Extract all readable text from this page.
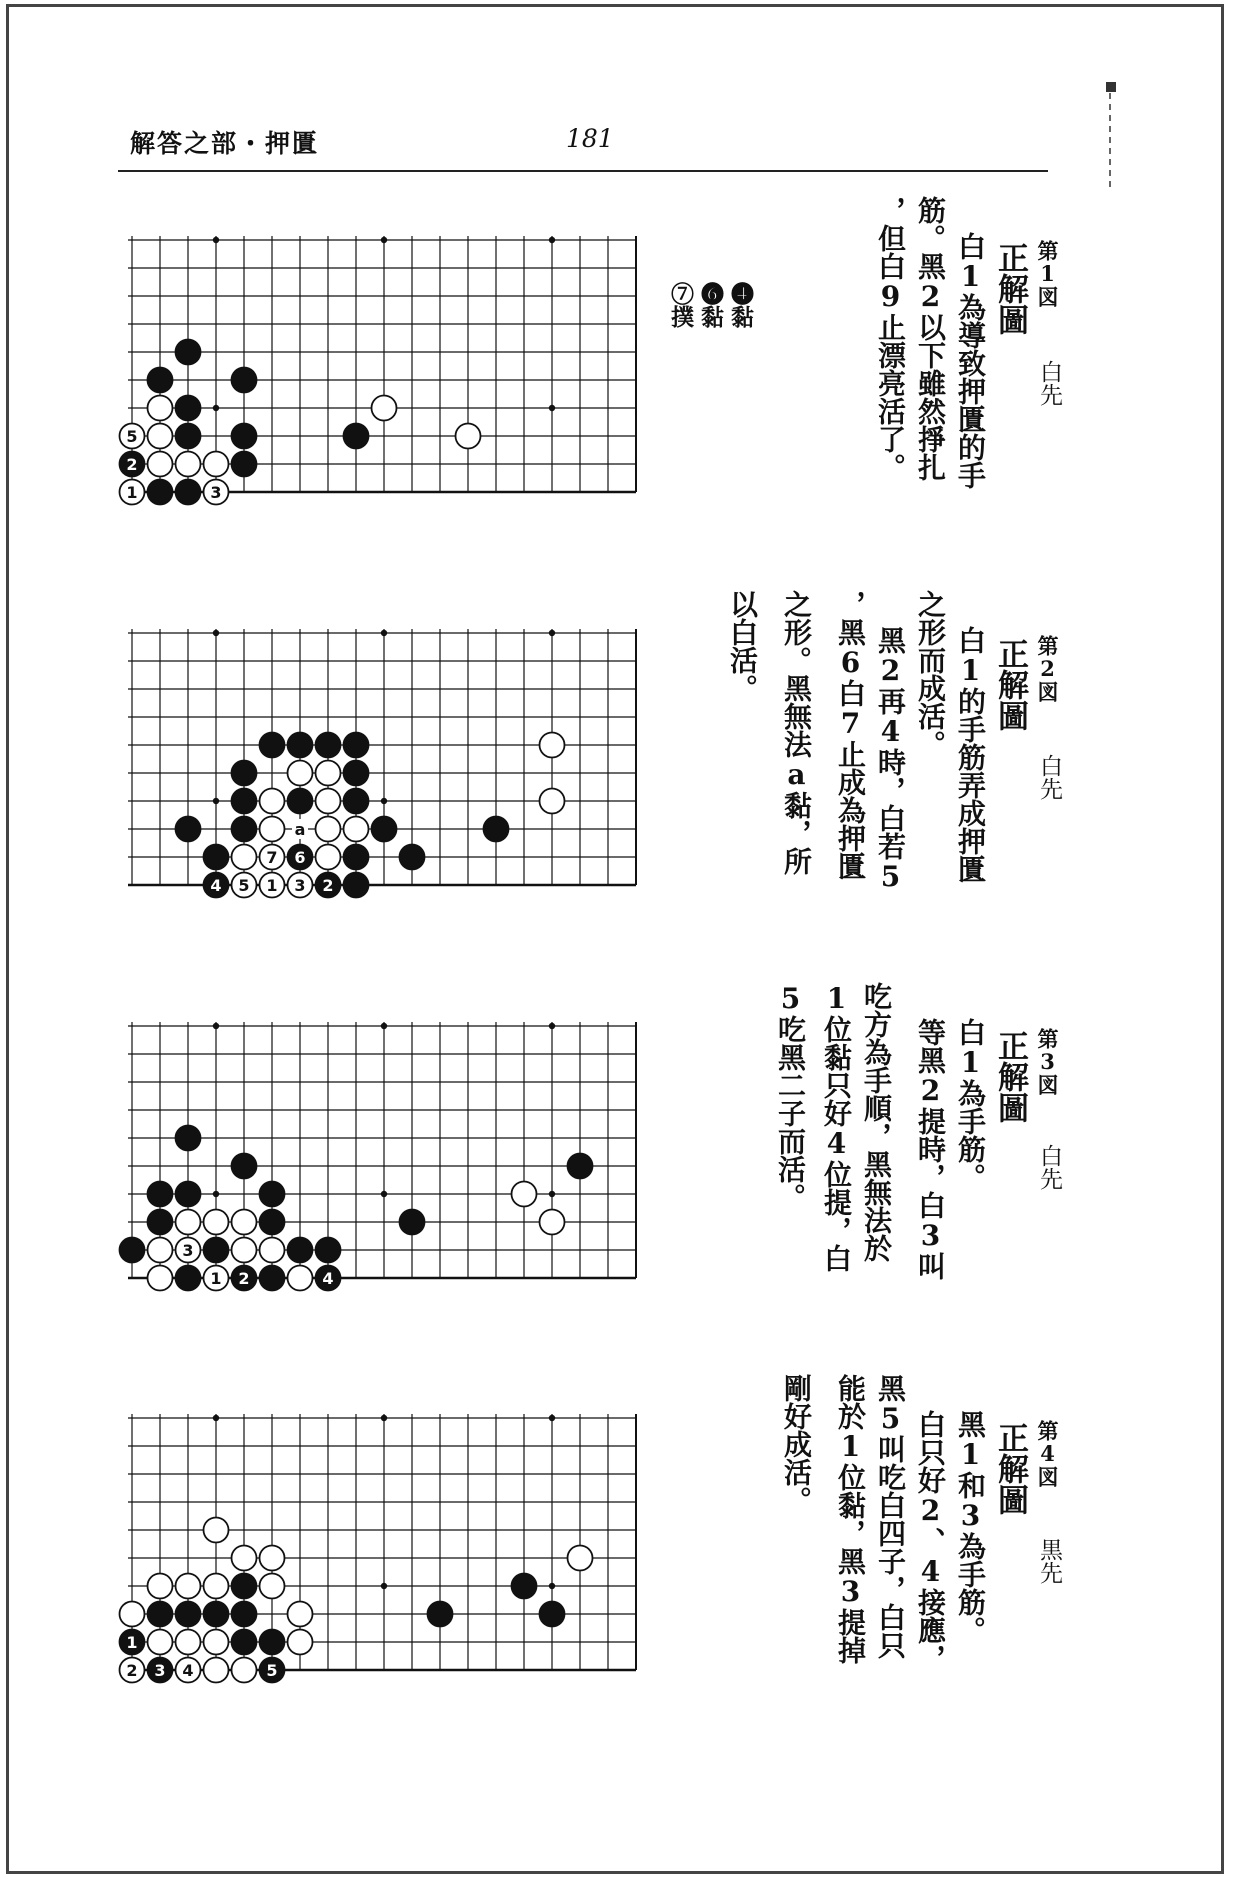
解答之部・押匱	181
5
2
1	3
第1図
白先
正解圖
白1為導致押匱的手
筋。黑2以下雖然掙扎
，但白9止漂亮活了。
❹黏
❻黏
⑦撲
a
7 6
4 5 1 3 2
第2図
白先
正解圖
白1的手筋弄成押匱
之形而成活。
黑2再4時，白若5
，黑6白7止成為押匱
之形。黑無法a黏，所
以白活。
3
1 2	4
第3図
白先
正解圖
白1為手筋。
等黑2提時，白3叫
吃方為手順，黑無法於
1位黏只好4位提，白
5吃黑二子而活。
1
2 3 4	5
第4図
黒先
正解圖
黑1和3為手筋。
白只好2、4接應，
黑5叫吃白四子，白只
能於1位黏，黑3提掉
剛好成活。
